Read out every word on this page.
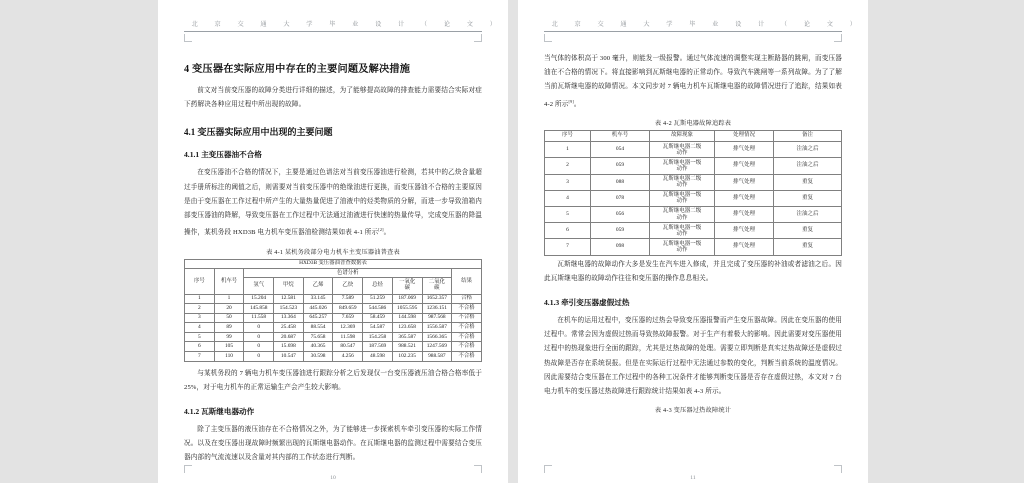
北 京 交 通 大 学 毕 业 设 计 （ 论 文 ）
4 变压器在实际应用中存在的主要问题及解决措施

前文对当前变压器的故障分类进行详细的描述，为了能够提高故障的排查能力需要结合实际对症下药解决各种应用过程中所出现的故障。

4.1 变压器实际应用中出现的主要问题
4.1.1 主变压器油不合格

在变压器油不合格的情况下，主要是通过色谱法对当前变压器油进行检测，若其中的乙炔含量超过手册所标注的阈值之后，则需要对当前变压器中的绝缘油进行更换，而变压器油不合格的主要原因是由于变压器在工作过程中所产生的大量热量促进了油液中的烃类物质的分解，而进一步导致油箱内部变压器油的降解，导致变压器在工作过程中无法通过油液进行快速的热量传导，完成变压器的降温操作，某机务段 HXD3B 电力机车变压器油检测结果如表 4-1 所示[2]。

表 4-1 某机务段部分电力机车主变压器油普查表
HXD3B 变压器油普查数据表									
序号	机车号	色谱分析							结果
		氢气	甲烷	乙烯	乙炔	总烃	一氧化
碳	二氧化
碳	
1	1	15.204	12.581	33.145	7.589	51.259	187.069	1652.357	合格
2	20	145.858	154.523	445.026	849.659	544.586	1055.595	1236.151	不合格
3	50	11.558	13.364	645.257	7.659	58.459	144.598	987.568	不合格
4	89	0	25.458	88.554	12.369	54.587	123.658	1556.587	不合格
5	99	0	20.687	75.658	11.598	154.258	365.587	1566.365	不合格
6	105	0	15.698	40.365	80.547	187.569	988.521	1247.569	不合格
7	110	0	10.547	30.598	4.256	48.598	102.235	988.587	不合格

与某机务段的 7 辆电力机车变压器油进行跟踪分析之后发现仅一台变压器液压油合格合格率低于 25%，对于电力机车的正常运输生产会产生较大影响。

4.1.2 瓦斯继电器动作

除了主变压器的液压油存在不合格情况之外，为了能够进一步探索机车牵引变压器的实际工作情况。以及在变压器出现故障时频繁出现的瓦斯继电器动作。在瓦斯继电器的监测过程中需要结合变压器内部的气流流速以及含量对其内部的工作状态进行判断。

10
北 京 交 通 大 学 毕 业 设 计 （ 论 文 ）

当气体的体积高于 300 毫升，则能发一级报警。通过气体流速的调整实现主断路器的跳闸，而变压器油在不合格的情况下。将直接影响到瓦斯继电器的正常动作。导致汽车跳闸等一系列故障。为了了解当前瓦斯继电器的故障情况。本文同步对 7 辆电力机车瓦斯继电器的故障情况进行了追踪，结果如表 4-2 所示[9]。

表 4-2 瓦斯电器故障追踪表
序号	机车号	故障现象	处理情况	备注
1	054	瓦斯继电器二级
动作	排气处理	注油之后
2	059	瓦斯继电器一级
动作	排气处理	注油之后
3	088	瓦斯继电器二级
动作	排气处理	重复
4	078	瓦斯继电器一级
动作	排气处理	重复
5	056	瓦斯继电器二级
动作	排气处理	注油之后
6	059	瓦斯继电器一级
动作	排气处理	重复
7	098	瓦斯继电器一级
动作	排气处理	重复

瓦斯继电器的故障动作大多是发生在汽车进入修成，并且完成了变压器的补油或者滤油之后。因此瓦斯继电器的故障动作往往和变压器的操作息息相关。

4.1.3 牵引变压器虚假过热

在机车的运用过程中，变压器的过热会导致变压器报警而产生变压器故障。因此在变压器的使用过程中。常常会因为虚假过热而导致热故障报警。对于生产有着极大的影响。因此需要对变压器使用过程中的热现象进行全面的跟踪，尤其是过热故障的处理。需要立即判断是真实过热故障还是虚假过热故障是否存在系统误报。但是在实际运行过程中无法通过参数的变化，判断当前系统的温度情况。因此需要结合变压器在工作过程中的各种工况条件才能够判断变压器是否存在虚假过热，本文对 7 台电力机车的变压器过热故障进行跟踪统计结果如表 4-3 所示。

表 4-3 变压器过热故障统计
11
